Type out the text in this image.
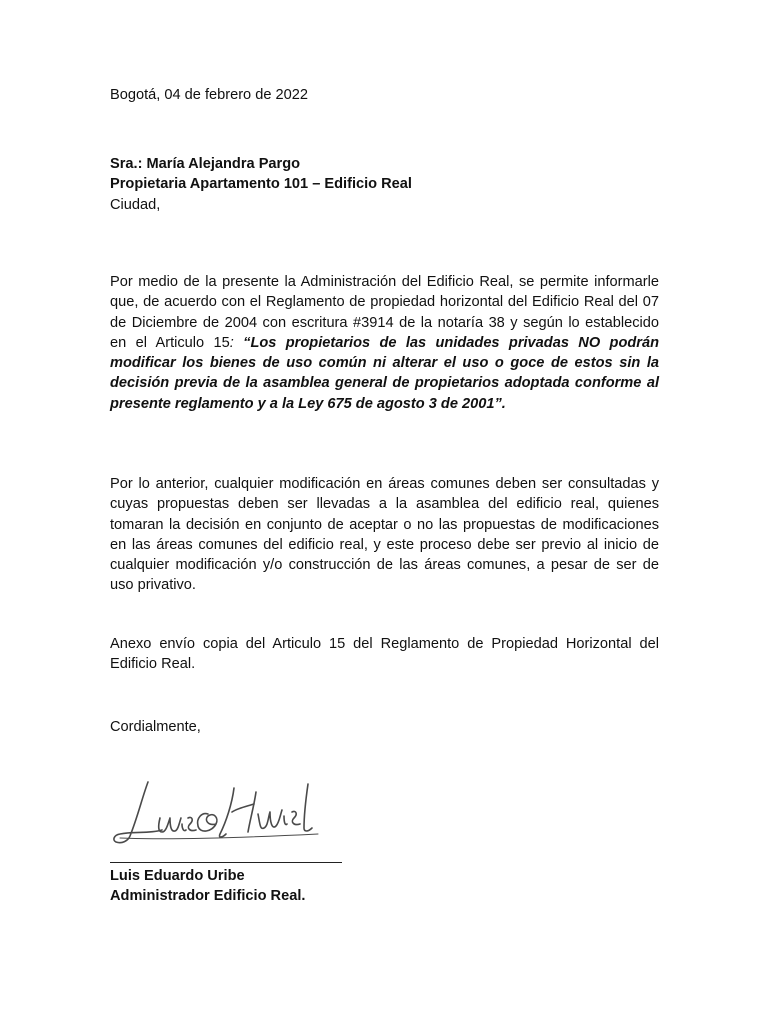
Bogotá, 04 de febrero de 2022

Sra.: María Alejandra Pargo
Propietaria Apartamento 101 – Edificio Real
Ciudad,

Por medio de la presente la Administración del Edificio Real, se permite informarle que, de acuerdo con el Reglamento de propiedad horizontal del Edificio Real del 07 de Diciembre de 2004 con escritura #3914 de la notaría 38 y según lo establecido en el Articulo 15: “Los propietarios de las unidades privadas NO podrán modificar los bienes de uso común ni alterar el uso o goce de estos sin la decisión previa de la asamblea general de propietarios adoptada conforme al presente reglamento y a la Ley 675 de agosto 3 de 2001”.

Por lo anterior, cualquier modificación en áreas comunes deben ser consultadas y cuyas propuestas deben ser llevadas a la asamblea del edificio real, quienes tomaran la decisión en conjunto de aceptar o no las propuestas de modificaciones en las áreas comunes del edificio real, y este proceso debe ser previo al inicio de cualquier modificación y/o construcción de las áreas comunes, a pesar de ser de uso privativo.

Anexo envío copia del Articulo 15 del Reglamento de Propiedad Horizontal del Edificio Real.

Cordialmente,

Luis Eduardo Uribe
Administrador Edificio Real.
